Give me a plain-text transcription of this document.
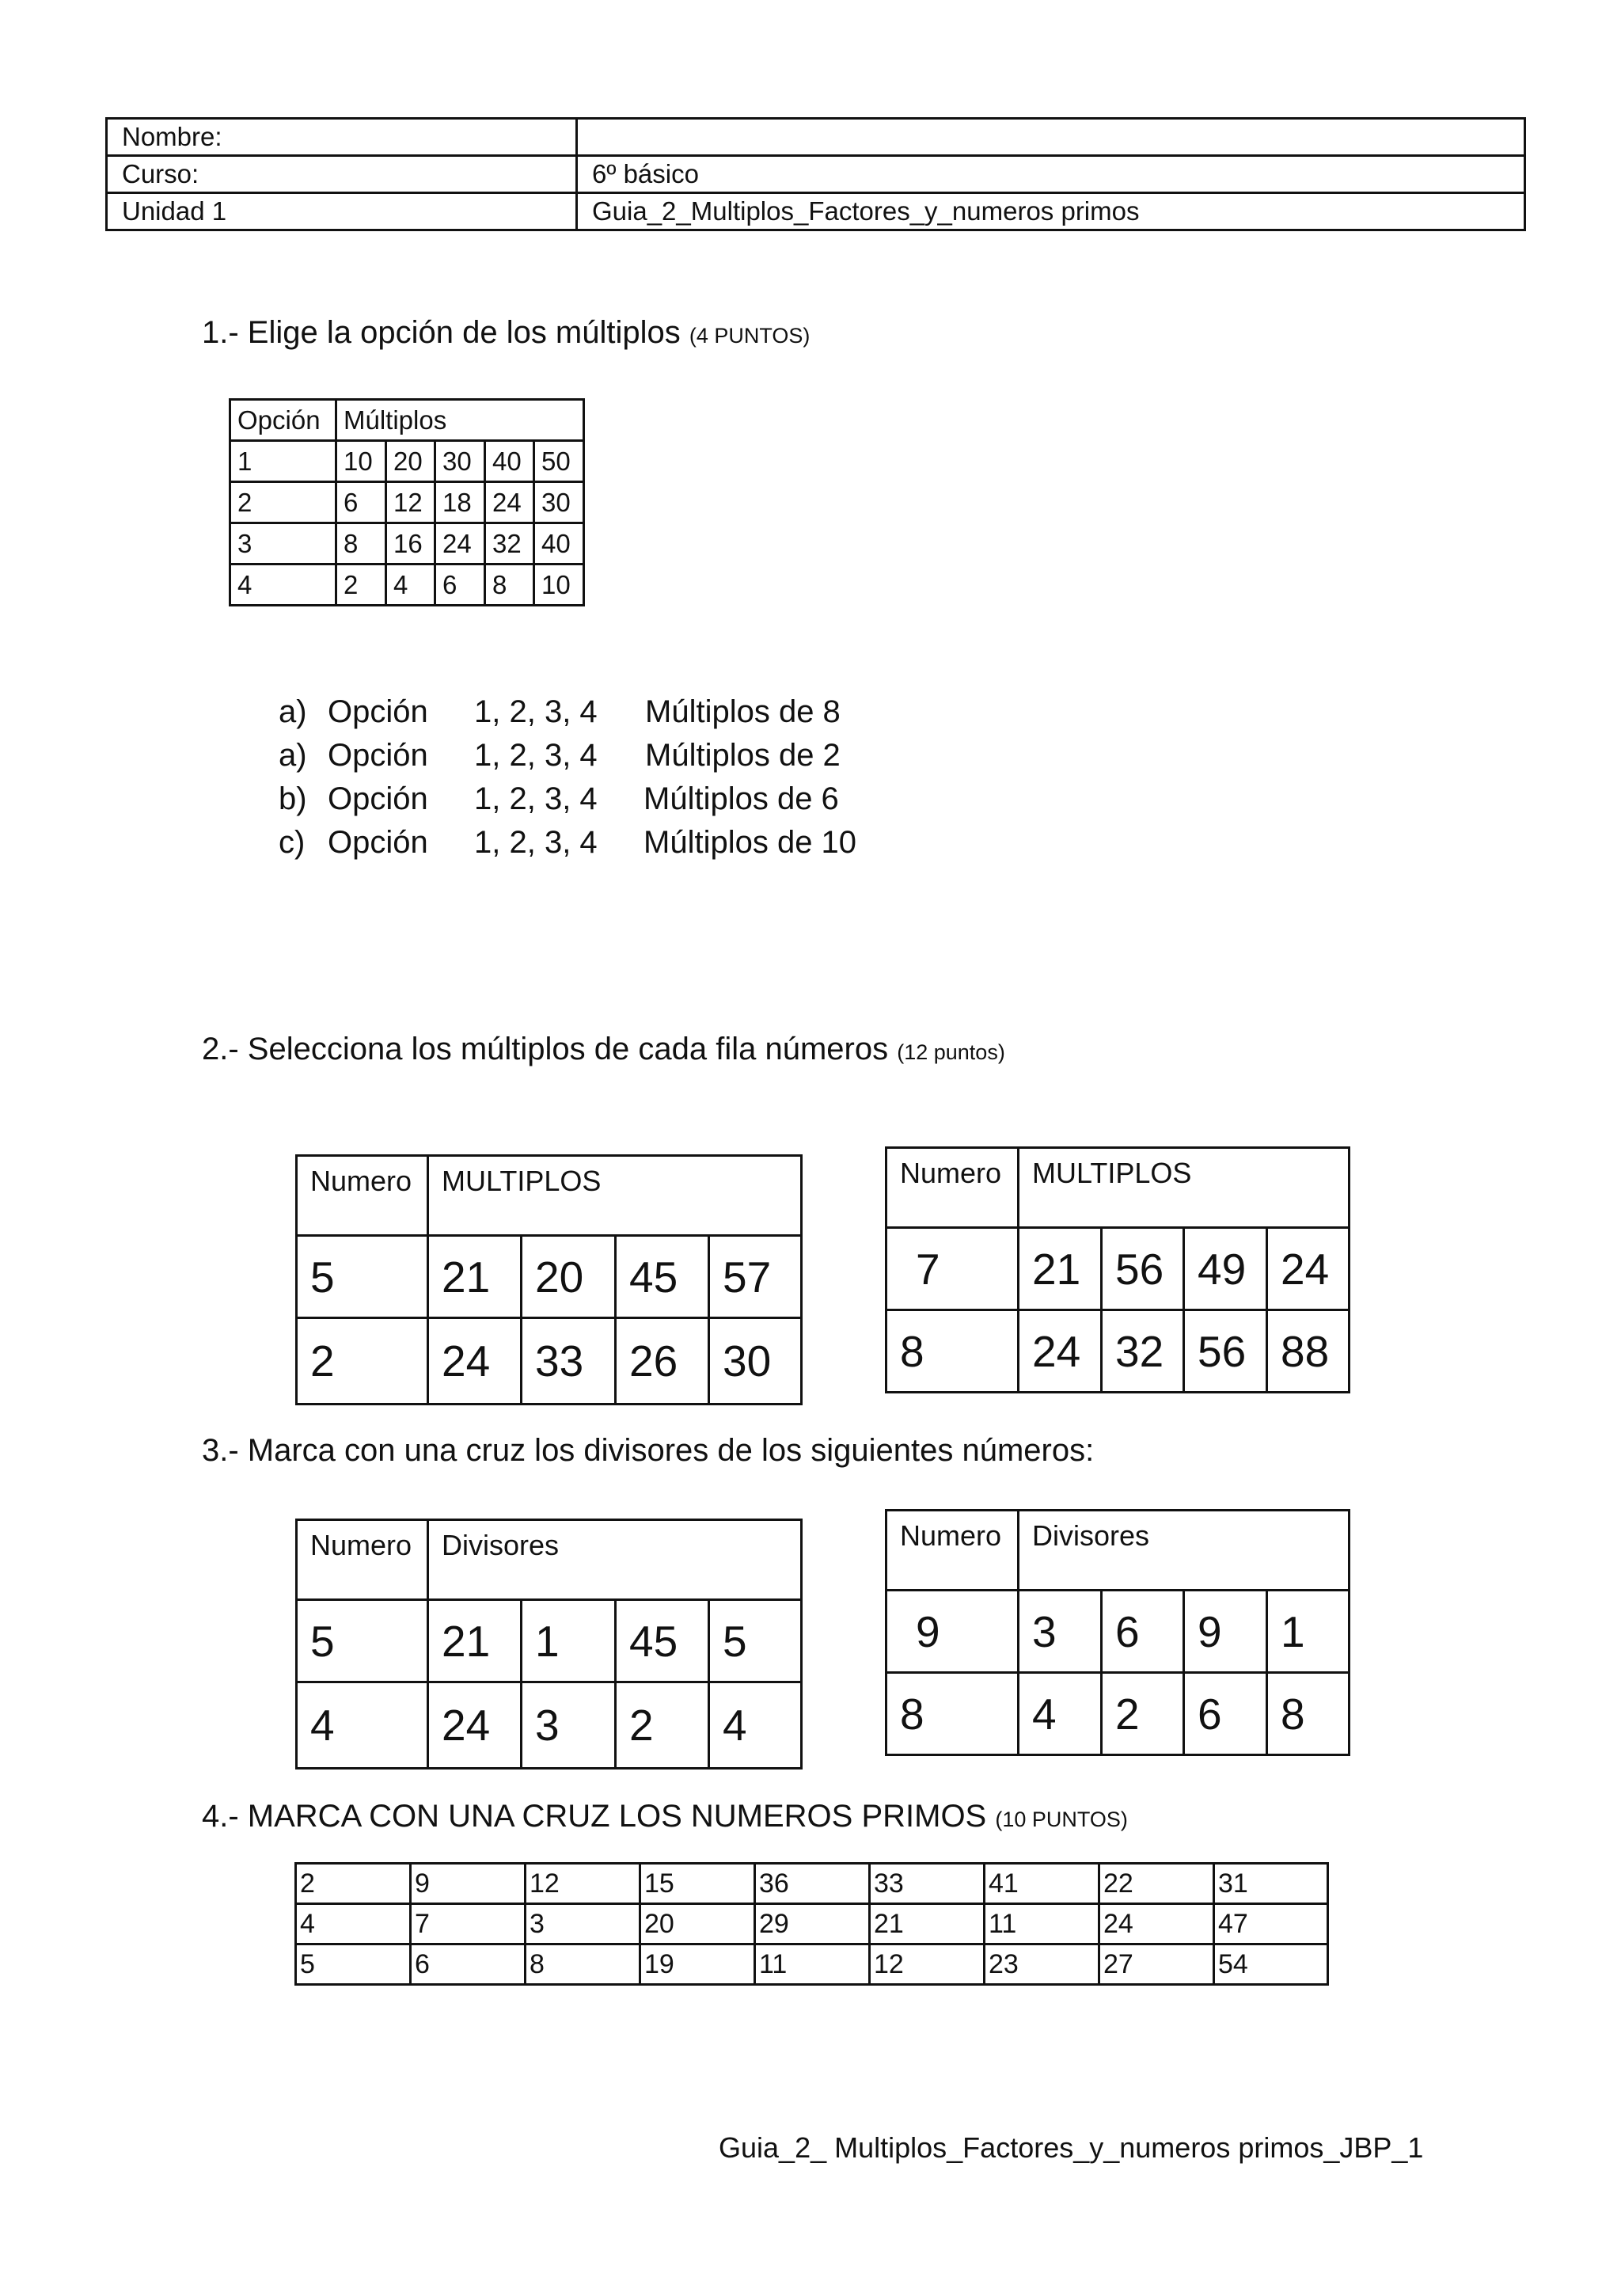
Nombre:	
Curso:	6º básico
Unidad 1	Guia_2_Multiplos_Factores_y_numeros primos
1.- Elige la opción de los múltiplos (4 PUNTOS)
Opción	Múltiplos				
1	10	20	30	40	50
2	6	12	18	24	30
3	8	16	24	32	40
4	2	4	6	8	10
a) Opción 1, 2, 3, 4 Múltiplos de 8
a) Opción 1, 2, 3, 4 Múltiplos de 2
b) Opción 1, 2, 3, 4 Múltiplos de 6
c) Opción 1, 2, 3, 4 Múltiplos de 10
2.- Selecciona los múltiplos de cada fila números (12 puntos)
Numero	MULTIPLOS			
5	21	20	45	57
2	24	33	26	30
Numero	MULTIPLOS			
7	21	56	49	24
8	24	32	56	88
3.- Marca con una cruz los divisores de los siguientes números:
Numero	Divisores			
5	21	1	45	5
4	24	3	2	4
Numero	Divisores			
9	3	6	9	1
8	4	2	6	8
4.- MARCA CON UNA CRUZ LOS NUMEROS PRIMOS (10 PUNTOS)
2	9	12	15	36	33	41	22	31
4	7	3	20	29	21	11	24	47
5	6	8	19	11	12	23	27	54
Guia_2_ Multiplos_Factores_y_numeros primos_JBP_1
